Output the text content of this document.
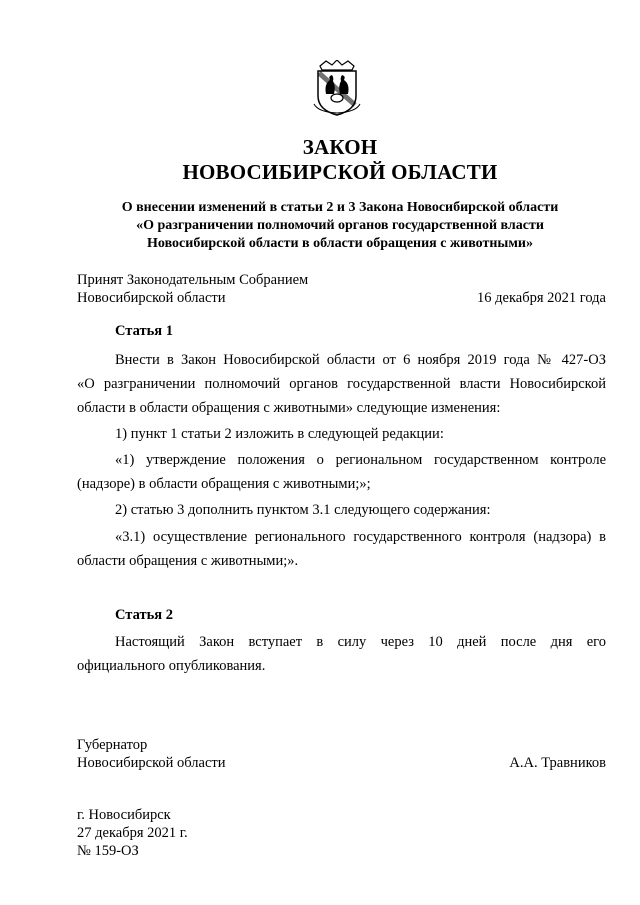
ЗАКОН
НОВОСИБИРСКОЙ ОБЛАСТИ
О внесении изменений в статьи 2 и 3 Закона Новосибирской области
«О разграничении полномочий органов государственной власти
Новосибирской области в области обращения с животными»
Принят Законодательным Собранием
Новосибирской области	16 декабря 2021 года
Статья 1
Внести в Закон Новосибирской области от 6 ноября 2019 года № 427-ОЗ
«О разграничении полномочий органов государственной власти Новосибирской
области в области обращения с животными» следующие изменения:
1) пункт 1 статьи 2 изложить в следующей редакции:
«1) утверждение положения о региональном государственном контроле
(надзоре) в области обращения с животными;»;
2) статью 3 дополнить пунктом 3.1 следующего содержания:
«3.1) осуществление регионального государственного контроля (надзора) в
области обращения с животными;».
Статья 2
Настоящий Закон вступает в силу через 10 дней после дня его
официального опубликования.
Губернатор
Новосибирской области	А.А. Травников
г. Новосибирск
27 декабря 2021 г.
№ 159-ОЗ
